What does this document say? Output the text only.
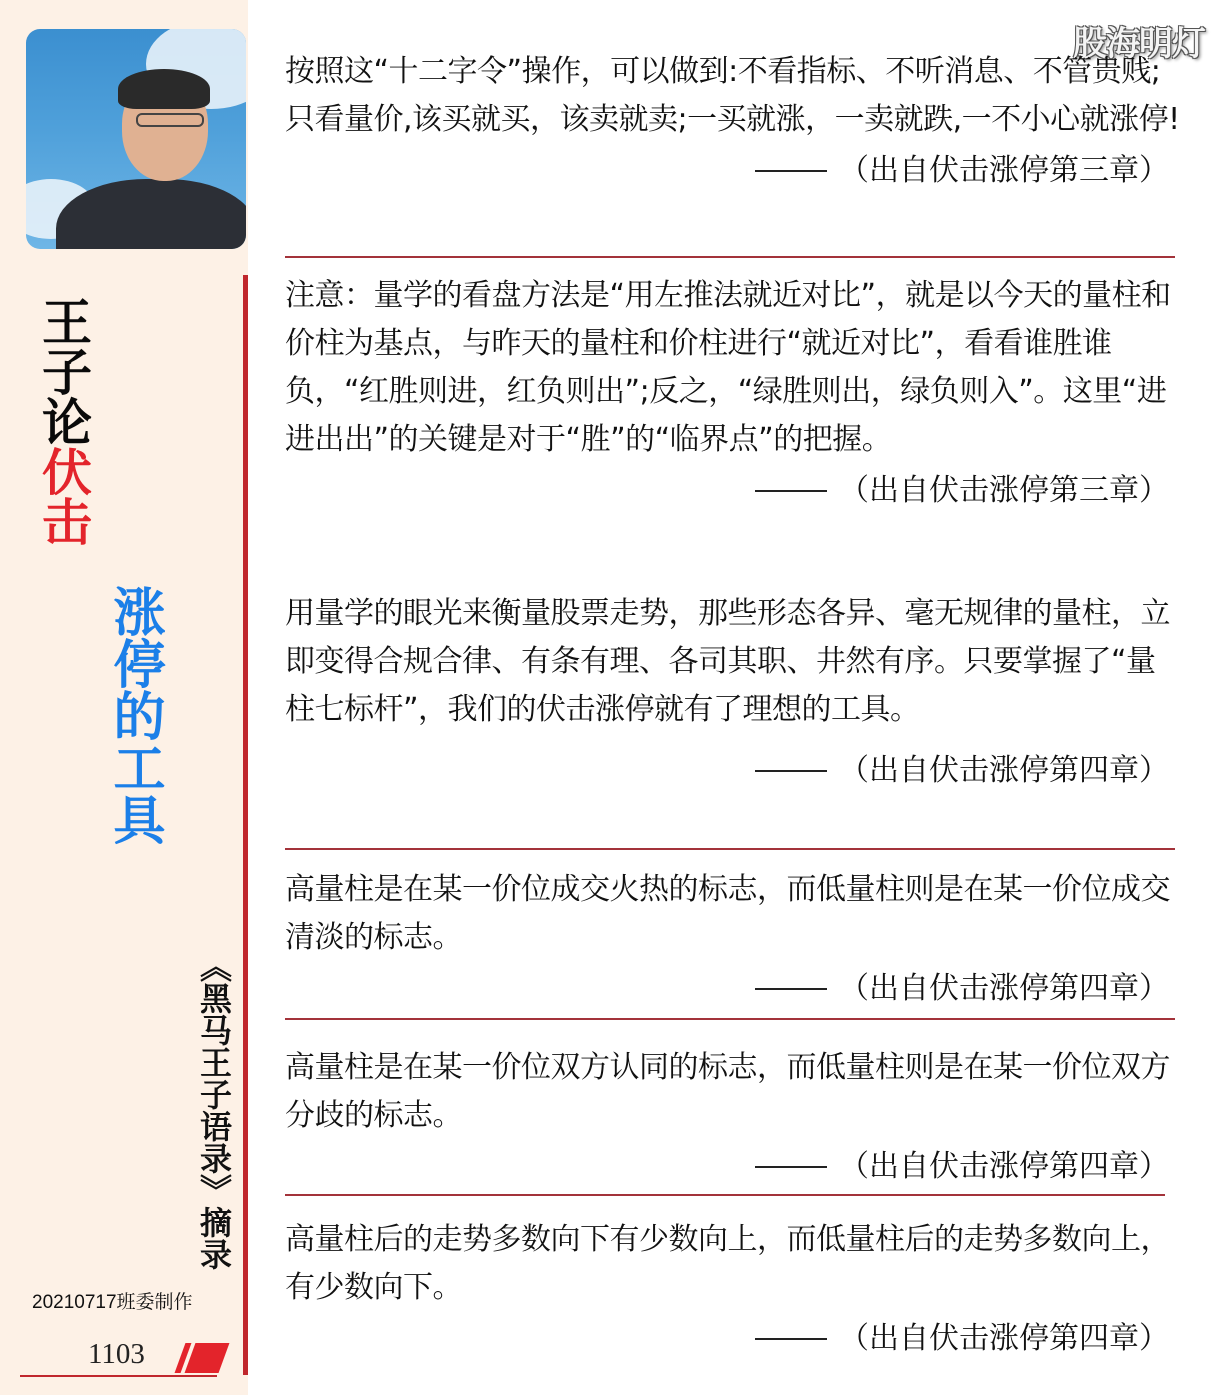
股海明灯
王子论伏击
涨停的工具
《黑马王子语录》摘录
20210717班委制作
1103

按照这“十二字令”操作，可以做到:不看指标、不听消息、不管贵贱;只看量价,该买就买，该卖就卖;一买就涨，一卖就跌,一不小心就涨停!

（出自伏击涨停第三章）

注意：量学的看盘方法是“用左推法就近对比”，就是以今天的量柱和价柱为基点，与昨天的量柱和价柱进行“就近对比”，看看谁胜谁负，“红胜则进，红负则出”;反之，“绿胜则出，绿负则入”。这里“进进出出”的关键是对于“胜”的“临界点”的把握。

（出自伏击涨停第三章）

用量学的眼光来衡量股票走势，那些形态各异、毫无规律的量柱，立即变得合规合律、有条有理、各司其职、井然有序。只要掌握了“量柱七标杆”，我们的伏击涨停就有了理想的工具。

（出自伏击涨停第四章）

高量柱是在某一价位成交火热的标志，而低量柱则是在某一价位成交清淡的标志。

（出自伏击涨停第四章）

高量柱是在某一价位双方认同的标志，而低量柱则是在某一价位双方分歧的标志。

（出自伏击涨停第四章）

高量柱后的走势多数向下有少数向上，而低量柱后的走势多数向上，有少数向下。

（出自伏击涨停第四章）
